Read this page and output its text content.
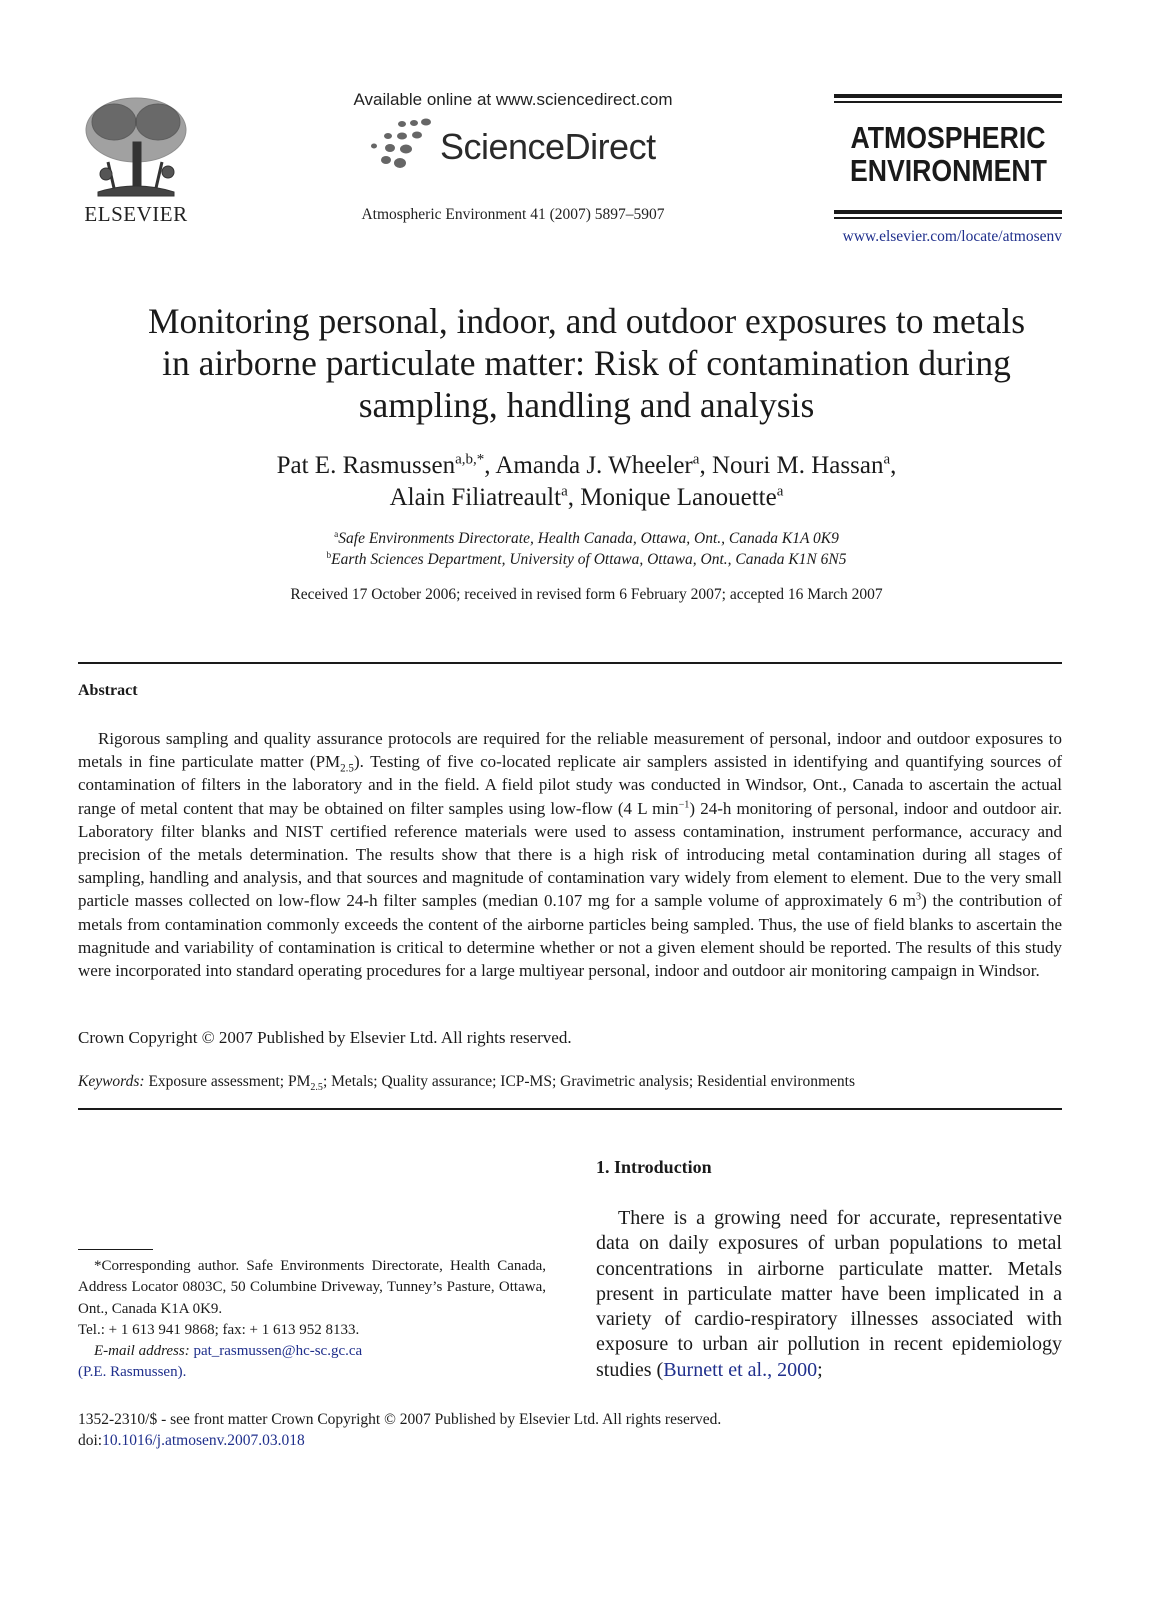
ELSEVIER
Available online at www.sciencedirect.com
ScienceDirect
Atmospheric Environment 41 (2007) 5897–5907
ATMOSPHERIC
ENVIRONMENT
www.elsevier.com/locate/atmosenv
Monitoring personal, indoor, and outdoor exposures to metals
in airborne particulate matter: Risk of contamination during
sampling, handling and analysis
Pat E. Rasmussen$^{a,b,*}$, Amanda J. Wheeler$^a$, Nouri M. Hassan$^a$,
Alain Filiatreault$^a$, Monique Lanouette$^a$
$^a$Safe Environments Directorate, Health Canada, Ottawa, Ont., Canada K1A 0K9
$^b$Earth Sciences Department, University of Ottawa, Ottawa, Ont., Canada K1N 6N5
Received 17 October 2006; received in revised form 6 February 2007; accepted 16 March 2007
Abstract
Rigorous sampling and quality assurance protocols are required for the reliable measurement of personal, indoor and outdoor exposures to metals in fine particulate matter $(PM_{2.5})$. Testing of five co-located replicate air samplers assisted in identifying and quantifying sources of contamination of filters in the laboratory and in the field. A field pilot study was conducted in Windsor, Ont., Canada to ascertain the actual range of metal content that may be obtained on filter samples using low-flow (4 L $\min^{-1}$) 24-h monitoring of personal, indoor and outdoor air. Laboratory filter blanks and NIST certified reference materials were used to assess contamination, instrument performance, accuracy and precision of the metals determination. The results show that there is a high risk of introducing metal contamination during all stages of sampling, handling and analysis, and that sources and magnitude of contamination vary widely from element to element. Due to the very small particle masses collected on low-flow 24-h filter samples (median 0.107 mg for a sample volume of approximately 6 $m^3$) the contribution of metals from contamination commonly exceeds the content of the airborne particles being sampled. Thus, the use of field blanks to ascertain the magnitude and variability of contamination is critical to determine whether or not a given element should be reported. The results of this study were incorporated into standard operating procedures for a large multiyear personal, indoor and outdoor air monitoring campaign in Windsor.
Crown Copyright © 2007 Published by Elsevier Ltd. All rights reserved.
Keywords: Exposure assessment; $PM_{2.5}$; Metals; Quality assurance; ICP-MS; Gravimetric analysis; Residential environments
*Corresponding author. Safe Environments Directorate, Health Canada, Address Locator 0803C, 50 Columbine Driveway, Tunney’s Pasture, Ottawa, Ont., Canada K1A 0K9.
Tel.: + 1 613 941 9868; fax: + 1 613 952 8133.
E-mail address: pat_rasmussen@hc-sc.gc.ca
(P.E. Rasmussen).
1. Introduction
There is a growing need for accurate, representative data on daily exposures of urban populations to metal concentrations in airborne particulate matter. Metals present in particulate matter have been implicated in a variety of cardio-respiratory illnesses associated with exposure to urban air pollution in recent epidemiology studies (Burnett et al., 2000;
1352-2310/$ - see front matter Crown Copyright © 2007 Published by Elsevier Ltd. All rights reserved.
doi:10.1016/j.atmosenv.2007.03.018
